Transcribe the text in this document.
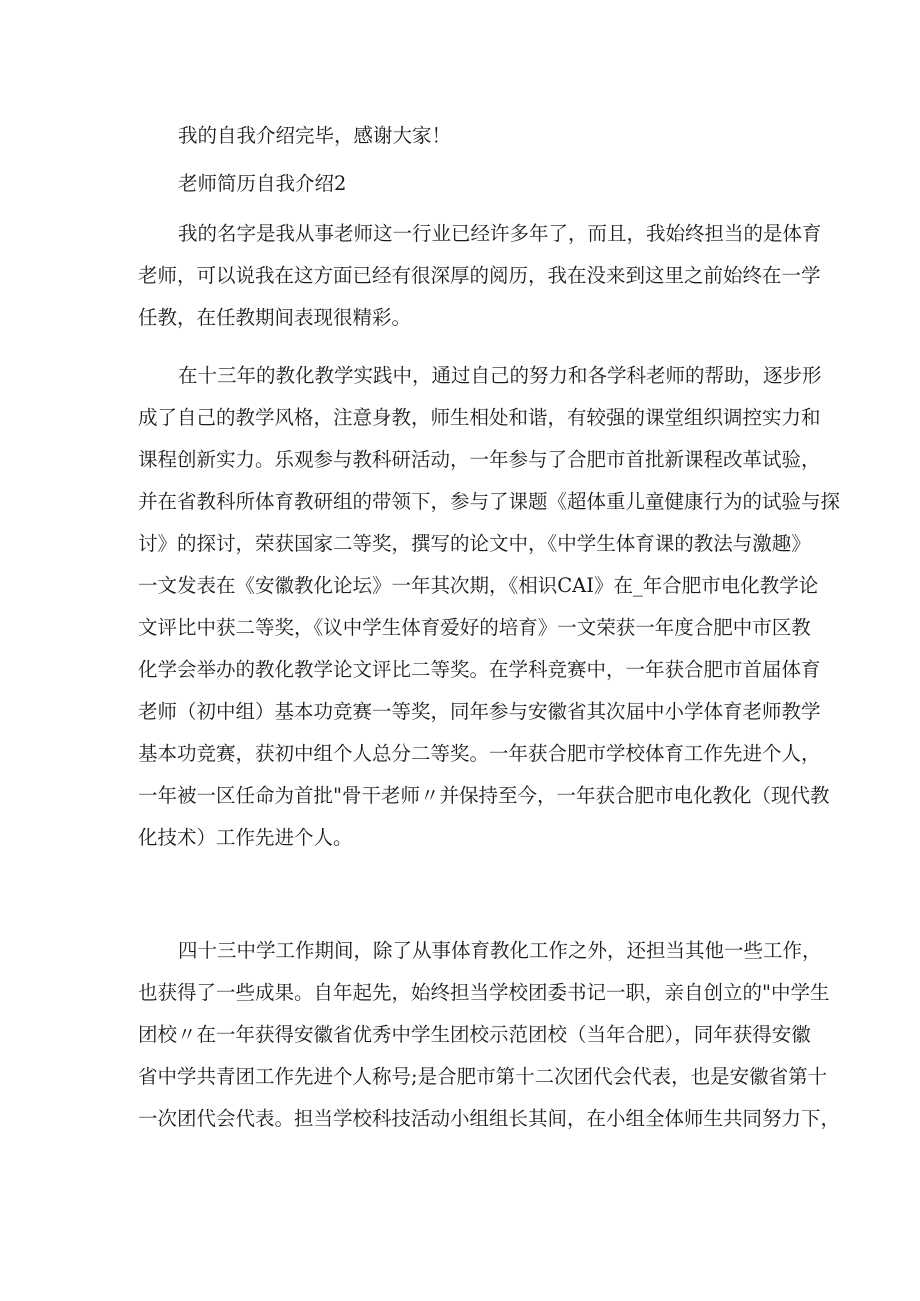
我的自我介绍完毕，感谢大家！
老师简历自我介绍2
我的名字是我从事老师这一行业已经许多年了，而且，我始终担当的是体育
老师，可以说我在这方面已经有很深厚的阅历，我在没来到这里之前始终在一学
任教，在任教期间表现很精彩。
在十三年的教化教学实践中，通过自己的努力和各学科老师的帮助，逐步形
成了自己的教学风格，注意身教，师生相处和谐，有较强的课堂组织调控实力和
课程创新实力。乐观参与教科研活动，一年参与了合肥市首批新课程改革试验，
并在省教科所体育教研组的带领下，参与了课题《超体重儿童健康行为的试验与探
讨》的探讨，荣获国家二等奖，撰写的论文中，《中学生体育课的教法与激趣》
一文发表在《安徽教化论坛》一年其次期，《相识CAI》在_年合肥市电化教学论
文评比中获二等奖，《议中学生体育爱好的培育》一文荣获一年度合肥中市区教
化学会举办的教化教学论文评比二等奖。在学科竞赛中，一年获合肥市首届体育
老师（初中组）基本功竞赛一等奖，同年参与安徽省其次届中小学体育老师教学
基本功竞赛，获初中组个人总分二等奖。一年获合肥市学校体育工作先进个人，
一年被一区任命为首批"骨干老师〃并保持至今，一年获合肥市电化教化（现代教
化技术）工作先进个人。
四十三中学工作期间，除了从事体育教化工作之外，还担当其他一些工作，
也获得了一些成果。自年起先，始终担当学校团委书记一职，亲自创立的"中学生
团校〃在一年获得安徽省优秀中学生团校示范团校（当年合肥），同年获得安徽
省中学共青团工作先进个人称号;是合肥市第十二次团代会代表，也是安徽省第十
一次团代会代表。担当学校科技活动小组组长其间，在小组全体师生共同努力下，
